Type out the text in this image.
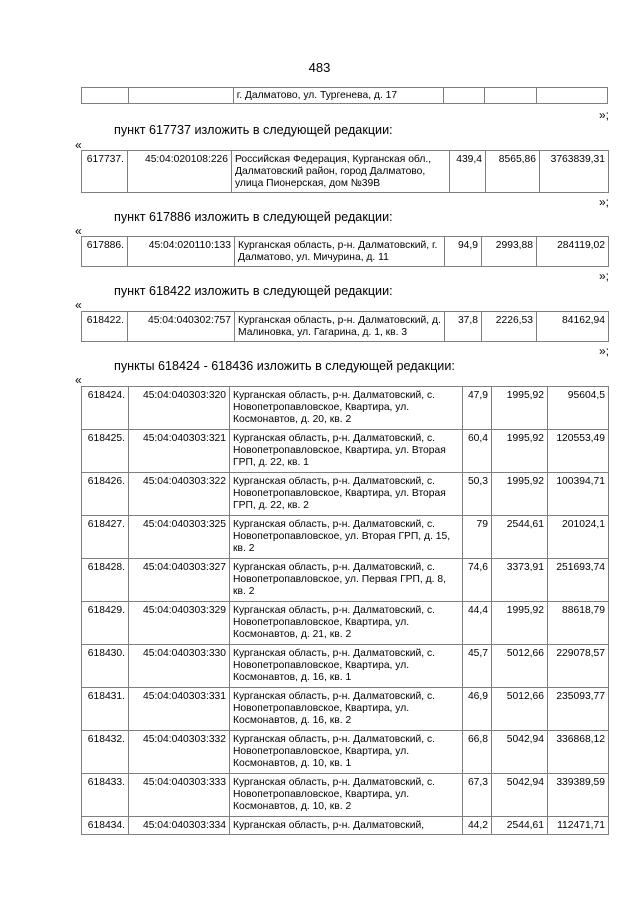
483
		г. Далматово, ул. Тургенева, д. 17			
»;
пункт 617737 изложить в следующей редакции:
«
617737.	45:04:020108:226	Российская Федерация, Курганская обл., Далматовский район, город Далматово, улица Пионерская, дом №39В	439,4	8565,86	3763839,31
»;
пункт 617886 изложить в следующей редакции:
«
617886.	45:04:020110:133	Курганская область, р-н. Далматовский, г. Далматово, ул. Мичурина, д. 11	94,9	2993,88	284119,02
»;
пункт 618422 изложить в следующей редакции:
«
618422.	45:04:040302:757	Курганская область, р-н. Далматовский, д. Малиновка, ул. Гагарина, д. 1, кв. 3	37,8	2226,53	84162,94
»;
пункты 618424 - 618436 изложить в следующей редакции:
«
618424.	45:04:040303:320	Курганская область, р-н. Далматовский, с. Новопетропавловское, Квартира, ул. Космонавтов, д. 20, кв. 2	47,9	1995,92	95604,5
618425.	45:04:040303:321	Курганская область, р-н. Далматовский, с. Новопетропавловское, Квартира, ул. Вторая ГРП, д. 22, кв. 1	60,4	1995,92	120553,49
618426.	45:04:040303:322	Курганская область, р-н. Далматовский, с. Новопетропавловское, Квартира, ул. Вторая ГРП, д. 22, кв. 2	50,3	1995,92	100394,71
618427.	45:04:040303:325	Курганская область, р-н. Далматовский, с. Новопетропавловское, ул. Вторая ГРП, д. 15, кв. 2	79	2544,61	201024,1
618428.	45:04:040303:327	Курганская область, р-н. Далматовский, с. Новопетропавловское, ул. Первая ГРП, д. 8, кв. 2	74,6	3373,91	251693,74
618429.	45:04:040303:329	Курганская область, р-н. Далматовский, с. Новопетропавловское, Квартира, ул. Космонавтов, д. 21, кв. 2	44,4	1995,92	88618,79
618430.	45:04:040303:330	Курганская область, р-н. Далматовский, с. Новопетропавловское, Квартира, ул. Космонавтов, д. 16, кв. 1	45,7	5012,66	229078,57
618431.	45:04:040303:331	Курганская область, р-н. Далматовский, с. Новопетропавловское, Квартира, ул. Космонавтов, д. 16, кв. 2	46,9	5012,66	235093,77
618432.	45:04:040303:332	Курганская область, р-н. Далматовский, с. Новопетропавловское, Квартира, ул. Космонавтов, д. 10, кв. 1	66,8	5042,94	336868,12
618433.	45:04:040303:333	Курганская область, р-н. Далматовский, с. Новопетропавловское, Квартира, ул. Космонавтов, д. 10, кв. 2	67,3	5042,94	339389,59
618434.	45:04:040303:334	Курганская область, р-н. Далматовский,	44,2	2544,61	112471,71
